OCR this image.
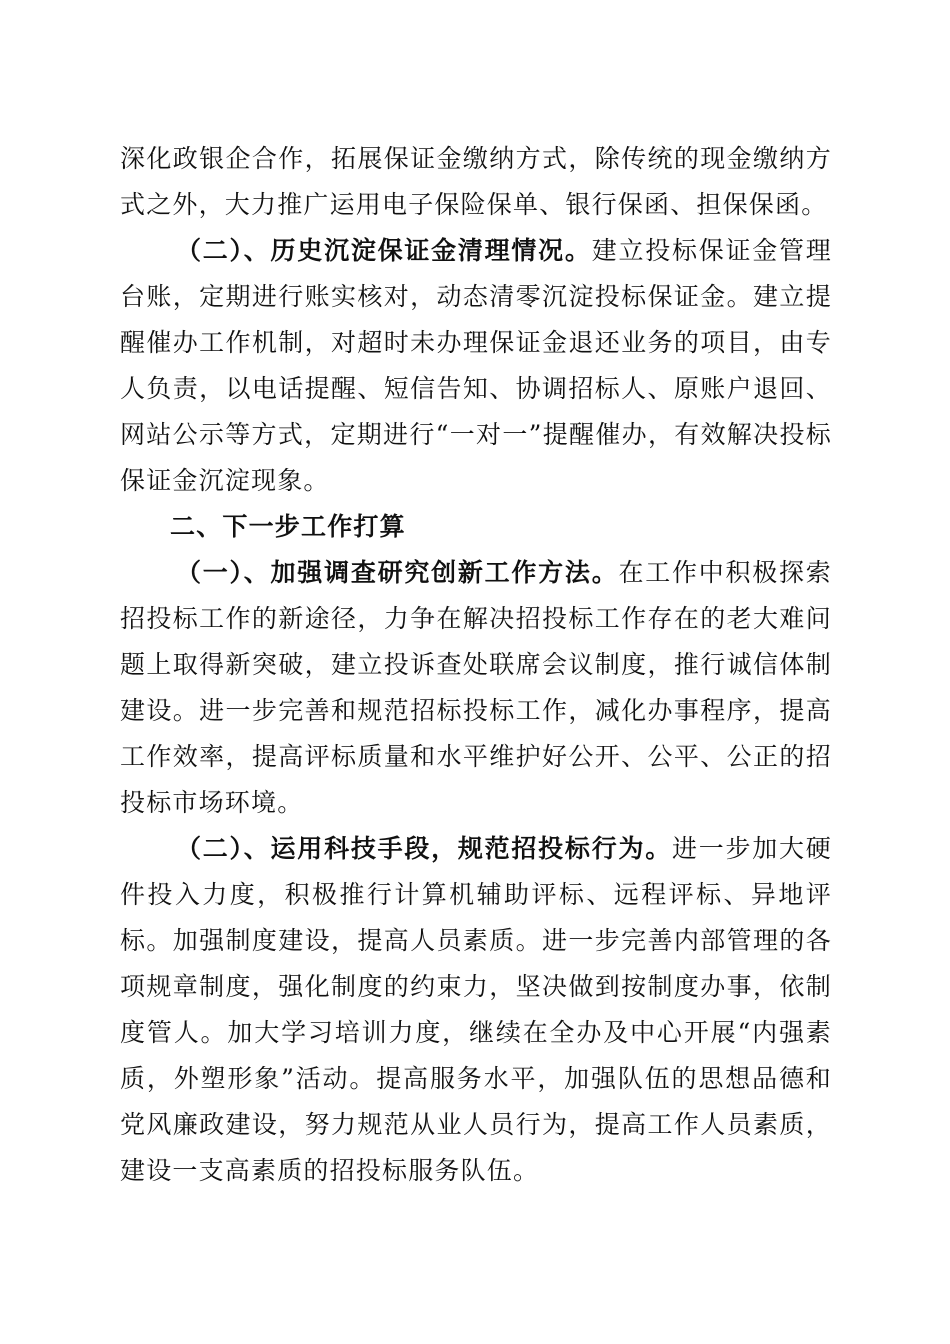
深化政银企合作，拓展保证金缴纳方式，除传统的现金缴纳方式之外，大力推广运用电子保险保单、银行保函、担保保函。

（二）、历史沉淀保证金清理情况。建立投标保证金管理台账，定期进行账实核对，动态清零沉淀投标保证金。建立提醒催办工作机制，对超时未办理保证金退还业务的项目，由专人负责，以电话提醒、短信告知、协调招标人、原账户退回、网站公示等方式，定期进行“一对一”提醒催办，有效解决投标保证金沉淀现象。

二、下一步工作打算

（一）、加强调查研究创新工作方法。在工作中积极探索招投标工作的新途径，力争在解决招投标工作存在的老大难问题上取得新突破，建立投诉查处联席会议制度，推行诚信体制建设。进一步完善和规范招标投标工作，减化办事程序，提高工作效率，提高评标质量和水平维护好公开、公平、公正的招投标市场环境。

（二）、运用科技手段，规范招投标行为。进一步加大硬件投入力度，积极推行计算机辅助评标、远程评标、异地评标。加强制度建设，提高人员素质。进一步完善内部管理的各项规章制度，强化制度的约束力，坚决做到按制度办事，依制度管人。加大学习培训力度，继续在全办及中心开展“内强素质，外塑形象”活动。提高服务水平，加强队伍的思想品德和党风廉政建设，努力规范从业人员行为，提高工作人员素质，建设一支高素质的招投标服务队伍。
